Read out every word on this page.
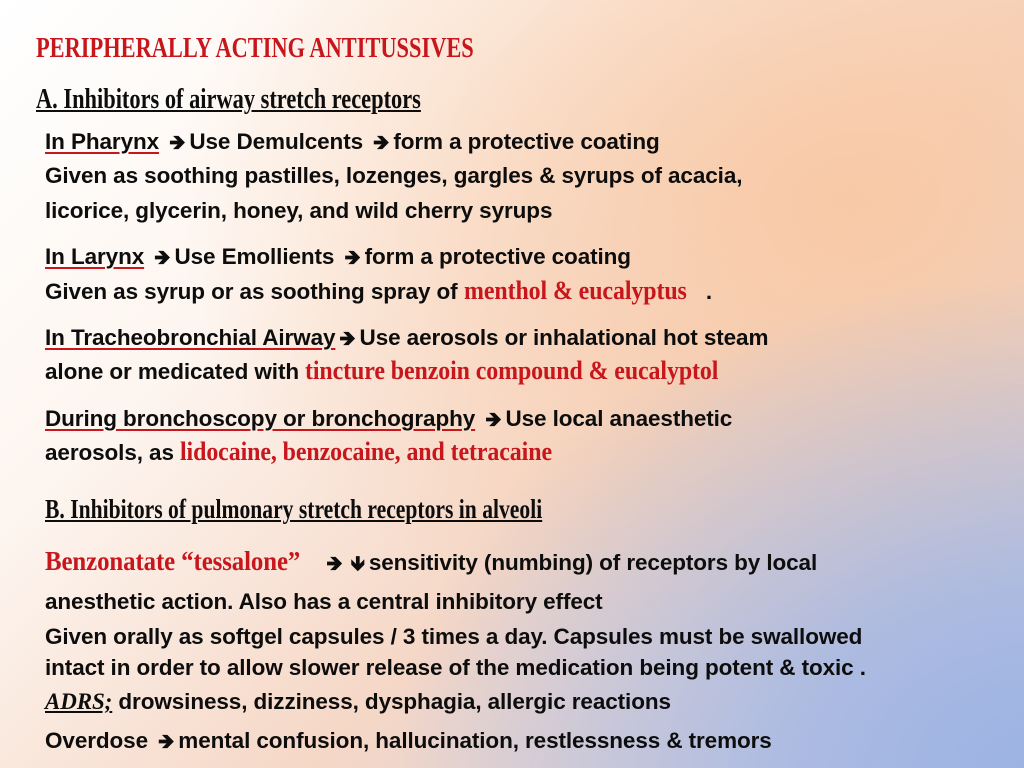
PERIPHERALLY ACTING ANTITUSSIVES
A. Inhibitors of airway stretch receptors
In Pharynx 🡺 Use Demulcents 🡺 form a protective coating
Given as soothing pastilles, lozenges, gargles & syrups of acacia,
licorice, glycerin, honey, and wild cherry syrups
In Larynx 🡺 Use Emollients 🡺 form a protective coating
Given as syrup or as soothing spray of menthol & eucalyptus .
In Tracheobronchial Airway 🡺 Use aerosols or inhalational hot steam
alone or medicated with tincture benzoin compound & eucalyptol
During bronchoscopy or bronchography 🡺 Use local anaesthetic
aerosols, as lidocaine, benzocaine, and tetracaine
B. Inhibitors of pulmonary stretch receptors in alveoli
Benzonatate “tessalone” 🡺 🡻 sensitivity (numbing) of receptors by local
anesthetic action. Also has a central inhibitory effect
Given orally as softgel capsules / 3 times a day. Capsules must be swallowed
intact in order to allow slower release of the medication being potent & toxic .
ADRS; drowsiness, dizziness, dysphagia, allergic reactions
Overdose 🡺 mental confusion, hallucination, restlessness & tremors
